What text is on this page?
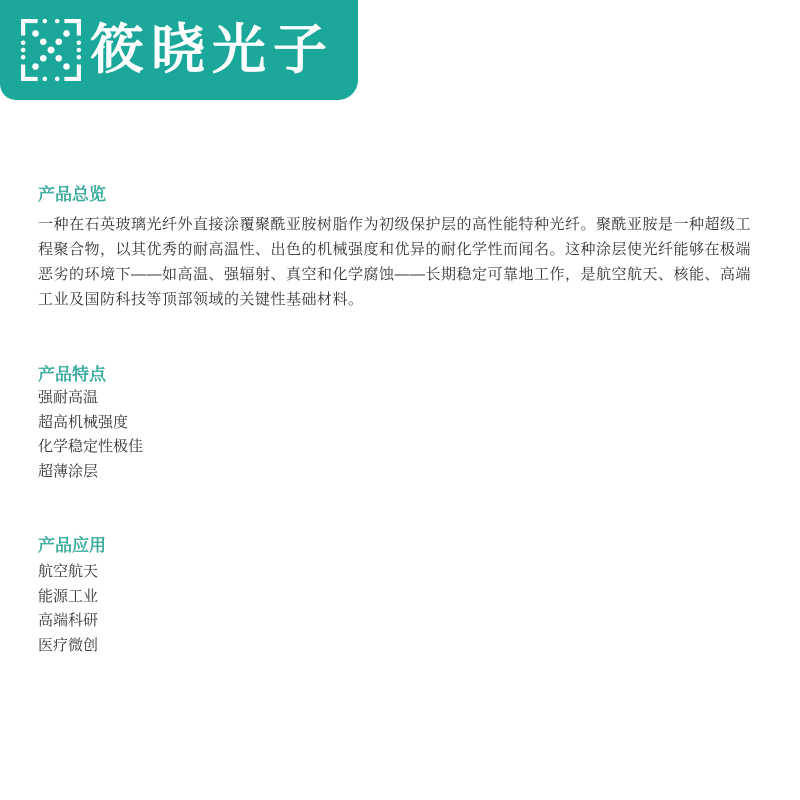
筱晓光子
产品总览

一种在石英玻璃光纤外直接涂覆聚酰亚胺树脂作为初级保护层的高性能特种光纤。聚酰亚胺是一种超级工程聚合物，以其优秀的耐高温性、出色的机械强度和优异的耐化学性而闻名。这种涂层使光纤能够在极端恶劣的环境下——如高温、强辐射、真空和化学腐蚀——长期稳定可靠地工作，是航空航天、核能、高端工业及国防科技等顶部领域的关键性基础材料。

产品特点
强耐高温
超高机械强度
化学稳定性极佳
超薄涂层
产品应用
航空航天
能源工业
高端科研
医疗微创
